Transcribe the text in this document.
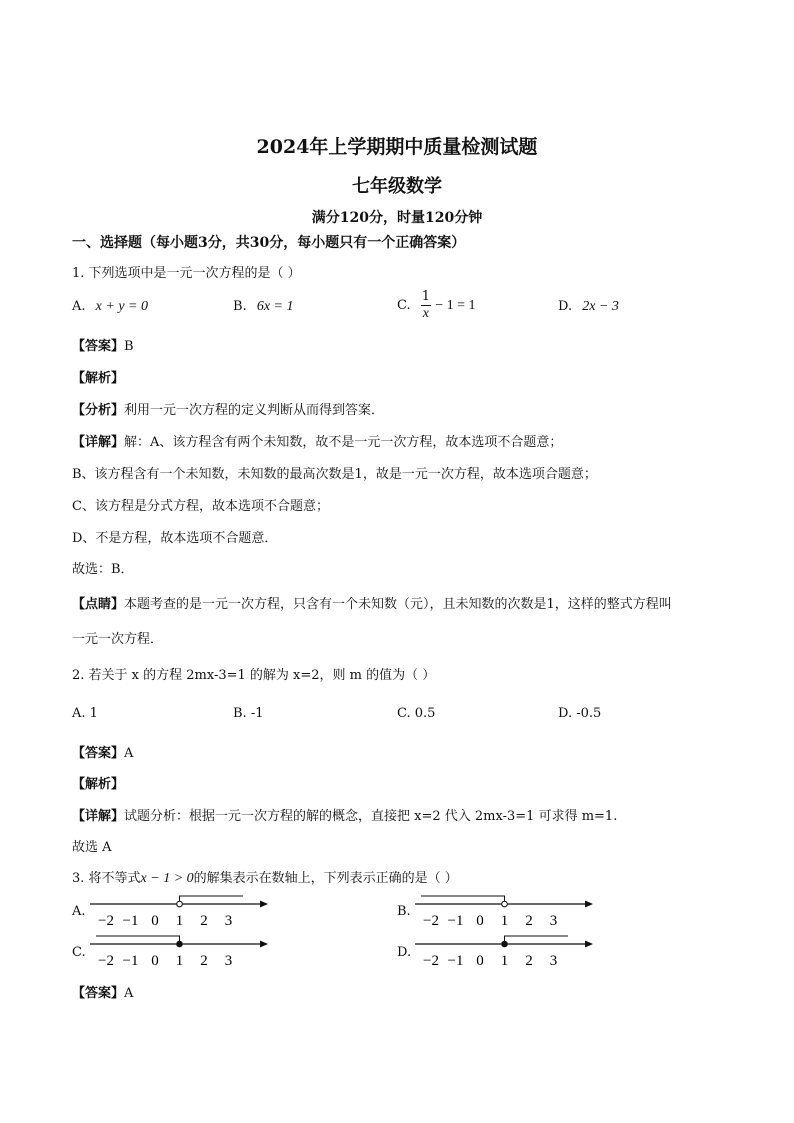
2024年上学期期中质量检测试题
七年级数学
满分120分，时量120分钟
一、选择题（每小题3分，共30分，每小题只有一个正确答案）
1. 下列选项中是一元一次方程的是（ ）
A. x + y = 0	B. 6x = 1	C. $\frac{1}{x} - 1 = 1$	D. 2x − 3
【答案】B
【解析】
【分析】利用一元一次方程的定义判断从而得到答案．
【详解】解：A、该方程含有两个未知数，故不是一元一次方程，故本选项不合题意；
B、该方程含有一个未知数，未知数的最高次数是1，故是一元一次方程，故本选项合题意；
C、该方程是分式方程，故本选项不合题意；
D、不是方程，故本选项不合题意．
故选：B．
【点睛】本题考查的是一元一次方程，只含有一个未知数（元），且未知数的次数是1，这样的整式方程叫
一元一次方程．
2. 若关于 x 的方程 2mx-3=1 的解为 x=2，则 m 的值为（ ）
A. 1	B. -1	C. 0.5	D. -0.5
【答案】A
【解析】
【详解】试题分析：根据一元一次方程的解的概念，直接把 x=2 代入 2mx-3=1 可求得 m=1.
故选 A
3. 将不等式x − 1 > 0的解集表示在数轴上，下列表示正确的是（ ）
A.
−2 −1 0 1 2 3
B.
−2 −1 0 1 2 3
C.
−2 −1 0 1 2 3
D.
−2 −1 0 1 2 3
【答案】A
